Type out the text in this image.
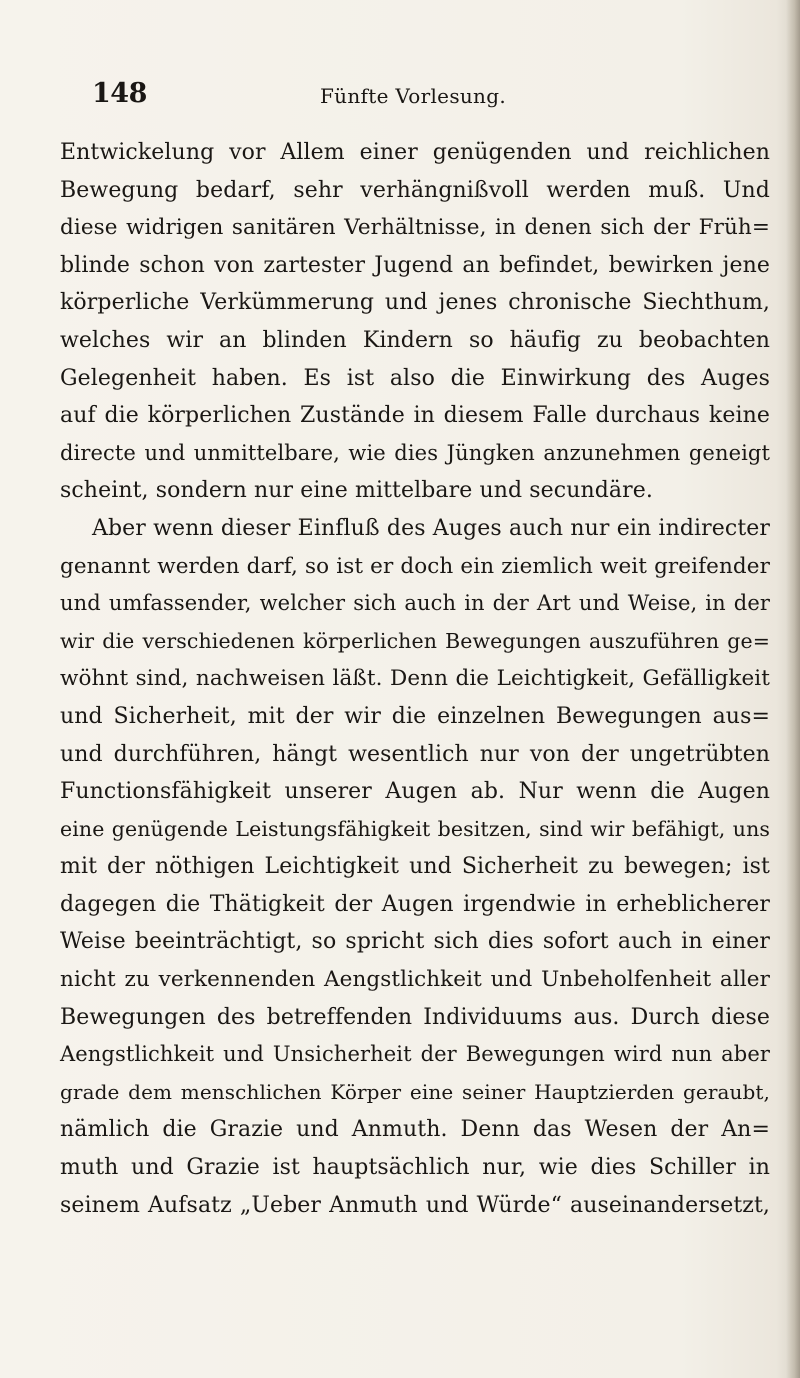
148	Fünfte Vorlesung.
Entwickelung vor Allem einer genügenden und reichlichen
Bewegung bedarf, sehr verhängnißvoll werden muß. Und
diese widrigen sanitären Verhältnisse, in denen sich der Früh=
blinde schon von zartester Jugend an befindet, bewirken jene
körperliche Verkümmerung und jenes chronische Siechthum,
welches wir an blinden Kindern so häufig zu beobachten
Gelegenheit haben. Es ist also die Einwirkung des Auges
auf die körperlichen Zustände in diesem Falle durchaus keine
directe und unmittelbare, wie dies Jüngken anzunehmen geneigt
scheint, sondern nur eine mittelbare und secundäre.
Aber wenn dieser Einfluß des Auges auch nur ein indirecter
genannt werden darf, so ist er doch ein ziemlich weit greifender
und umfassender, welcher sich auch in der Art und Weise, in der
wir die verschiedenen körperlichen Bewegungen auszuführen ge=
wöhnt sind, nachweisen läßt. Denn die Leichtigkeit, Gefälligkeit
und Sicherheit, mit der wir die einzelnen Bewegungen aus=
und durchführen, hängt wesentlich nur von der ungetrübten
Functionsfähigkeit unserer Augen ab. Nur wenn die Augen
eine genügende Leistungsfähigkeit besitzen, sind wir befähigt, uns
mit der nöthigen Leichtigkeit und Sicherheit zu bewegen; ist
dagegen die Thätigkeit der Augen irgendwie in erheblicherer
Weise beeinträchtigt, so spricht sich dies sofort auch in einer
nicht zu verkennenden Aengstlichkeit und Unbeholfenheit aller
Bewegungen des betreffenden Individuums aus. Durch diese
Aengstlichkeit und Unsicherheit der Bewegungen wird nun aber
grade dem menschlichen Körper eine seiner Hauptzierden geraubt,
nämlich die Grazie und Anmuth. Denn das Wesen der An=
muth und Grazie ist hauptsächlich nur, wie dies Schiller in
seinem Aufsatz „Ueber Anmuth und Würde“ auseinandersetzt,
